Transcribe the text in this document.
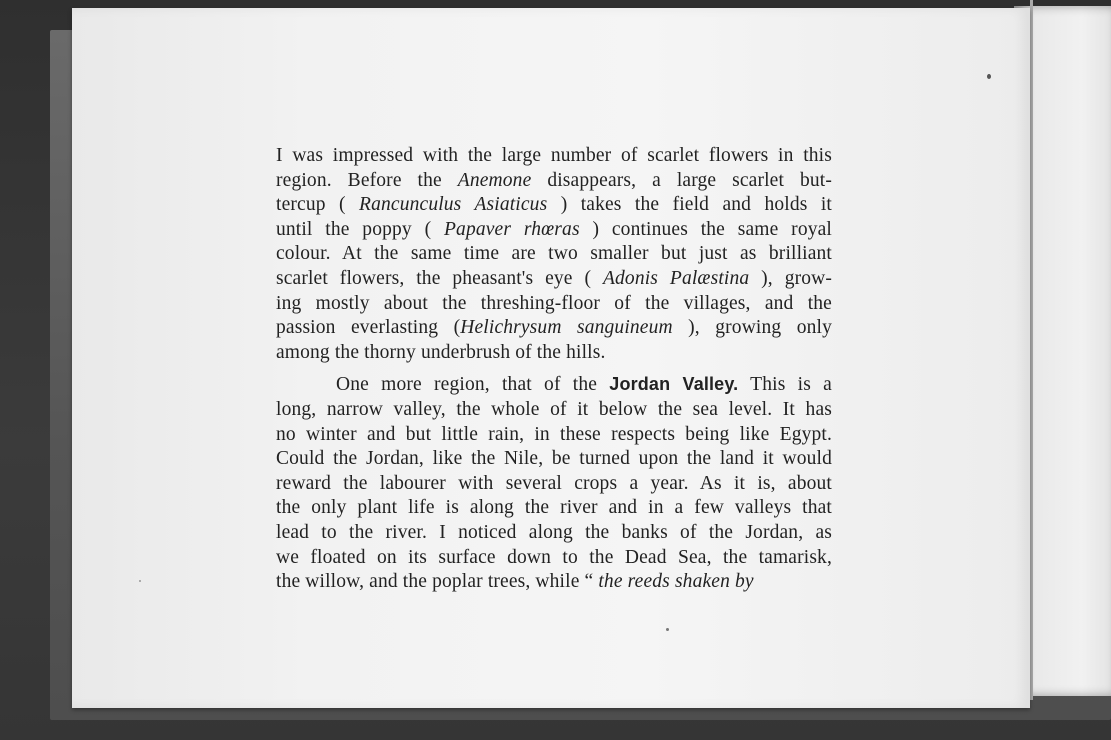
I was impressed with the large number of scarlet flowers in this
region. Before the Anemone disappears, a large scarlet but-
tercup ( Rancunculus Asiaticus ) takes the field and holds it
until the poppy ( Papaver rhœras ) continues the same royal
colour. At the same time are two smaller but just as brilliant
scarlet flowers, the pheasant's eye ( Adonis Palæstina ), grow-
ing mostly about the threshing-floor of the villages, and the
passion everlasting (Helichrysum sanguineum ), growing only
among the thorny underbrush of the hills.
One more region, that of the Jordan Valley. This is a
long, narrow valley, the whole of it below the sea level. It has
no winter and but little rain, in these respects being like Egypt.
Could the Jordan, like the Nile, be turned upon the land it would
reward the labourer with several crops a year. As it is, about
the only plant life is along the river and in a few valleys that
lead to the river. I noticed along the banks of the Jordan, as
we floated on its surface down to the Dead Sea, the tamarisk,
the willow, and the poplar trees, while “ the reeds shaken by
